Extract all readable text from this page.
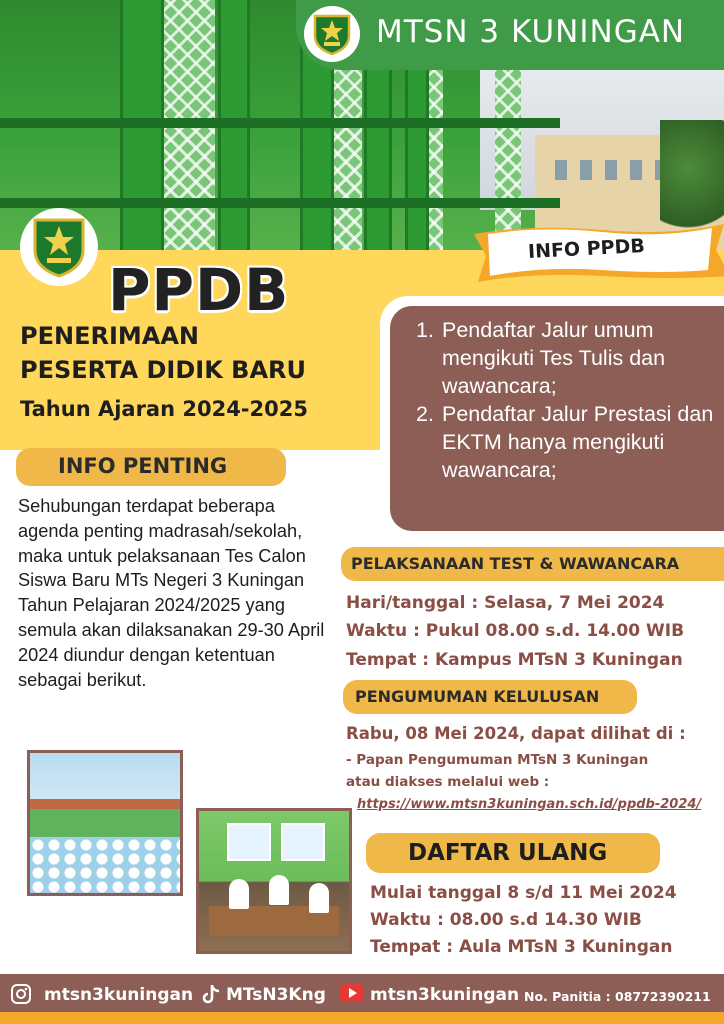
MTSN 3 KUNINGAN
INFO PPDB
PPDB
PENERIMAAN
PESERTA DIDIK BARU
Tahun Ajaran 2024-2025
1. Pendaftar Jalur umum mengikuti Tes Tulis dan wawancara;
2. Pendaftar Jalur Prestasi dan EKTM hanya mengikuti wawancara;
INFO PENTING

Sehubungan terdapat beberapa agenda penting madrasah/sekolah, maka untuk pelaksanaan Tes Calon Siswa Baru MTs Negeri 3 Kuningan Tahun Pelajaran 2024/2025 yang semula akan dilaksanakan 29-30 April 2024 diundur dengan ketentuan sebagai berikut.

PELAKSANAAN TEST & WAWANCARA
Hari/tanggal : Selasa, 7 Mei 2024
Waktu : Pukul 08.00 s.d. 14.00 WIB
Tempat : Kampus MTsN 3 Kuningan
PENGUMUMAN KELULUSAN
Rabu, 08 Mei 2024, dapat dilihat di :
- Papan Pengumuman MTsN 3 Kuningan
atau diakses melalui web :
https://www.mtsn3kuningan.sch.id/ppdb-2024/
DAFTAR ULANG
Mulai tanggal 8 s/d 11 Mei 2024
Waktu : 08.00 s.d 14.30 WIB
Tempat : Aula MTsN 3 Kuningan
mtsn3kuningan MTsN3Kng	mtsn3kuningan No. Panitia : 08772390211
